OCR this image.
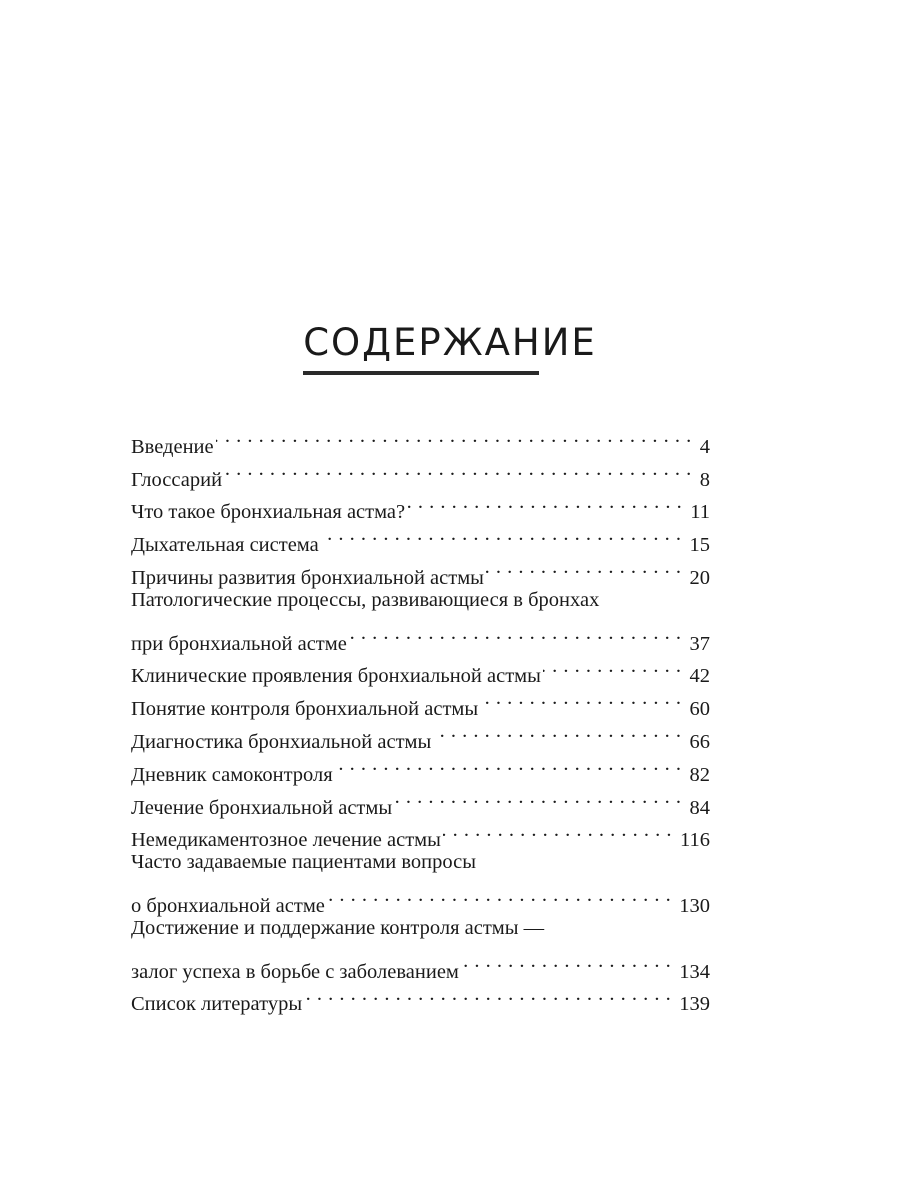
СОДЕРЖАНИЕ
Введение . . .	4
Глоссарий . . .	8
Что такое бронхиальная астма? . . .	11
Дыхательная система . . .	15
Причины развития бронхиальной астмы . . .	20
Патологические процессы, развивающиеся в бронхах
при бронхиальной астме . . .	37
Клинические проявления бронхиальной астмы . . .	42
Понятие контроля бронхиальной астмы . . .	60
Диагностика бронхиальной астмы . . .	66
Дневник самоконтроля . . .	82
Лечение бронхиальной астмы . . .	84
Немедикаментозное лечение астмы . . .	116
Часто задаваемые пациентами вопросы
о бронхиальной астме . . .	130
Достижение и поддержание контроля астмы —
залог успеха в борьбе с заболеванием . . .	134
Список литературы . . .	139
